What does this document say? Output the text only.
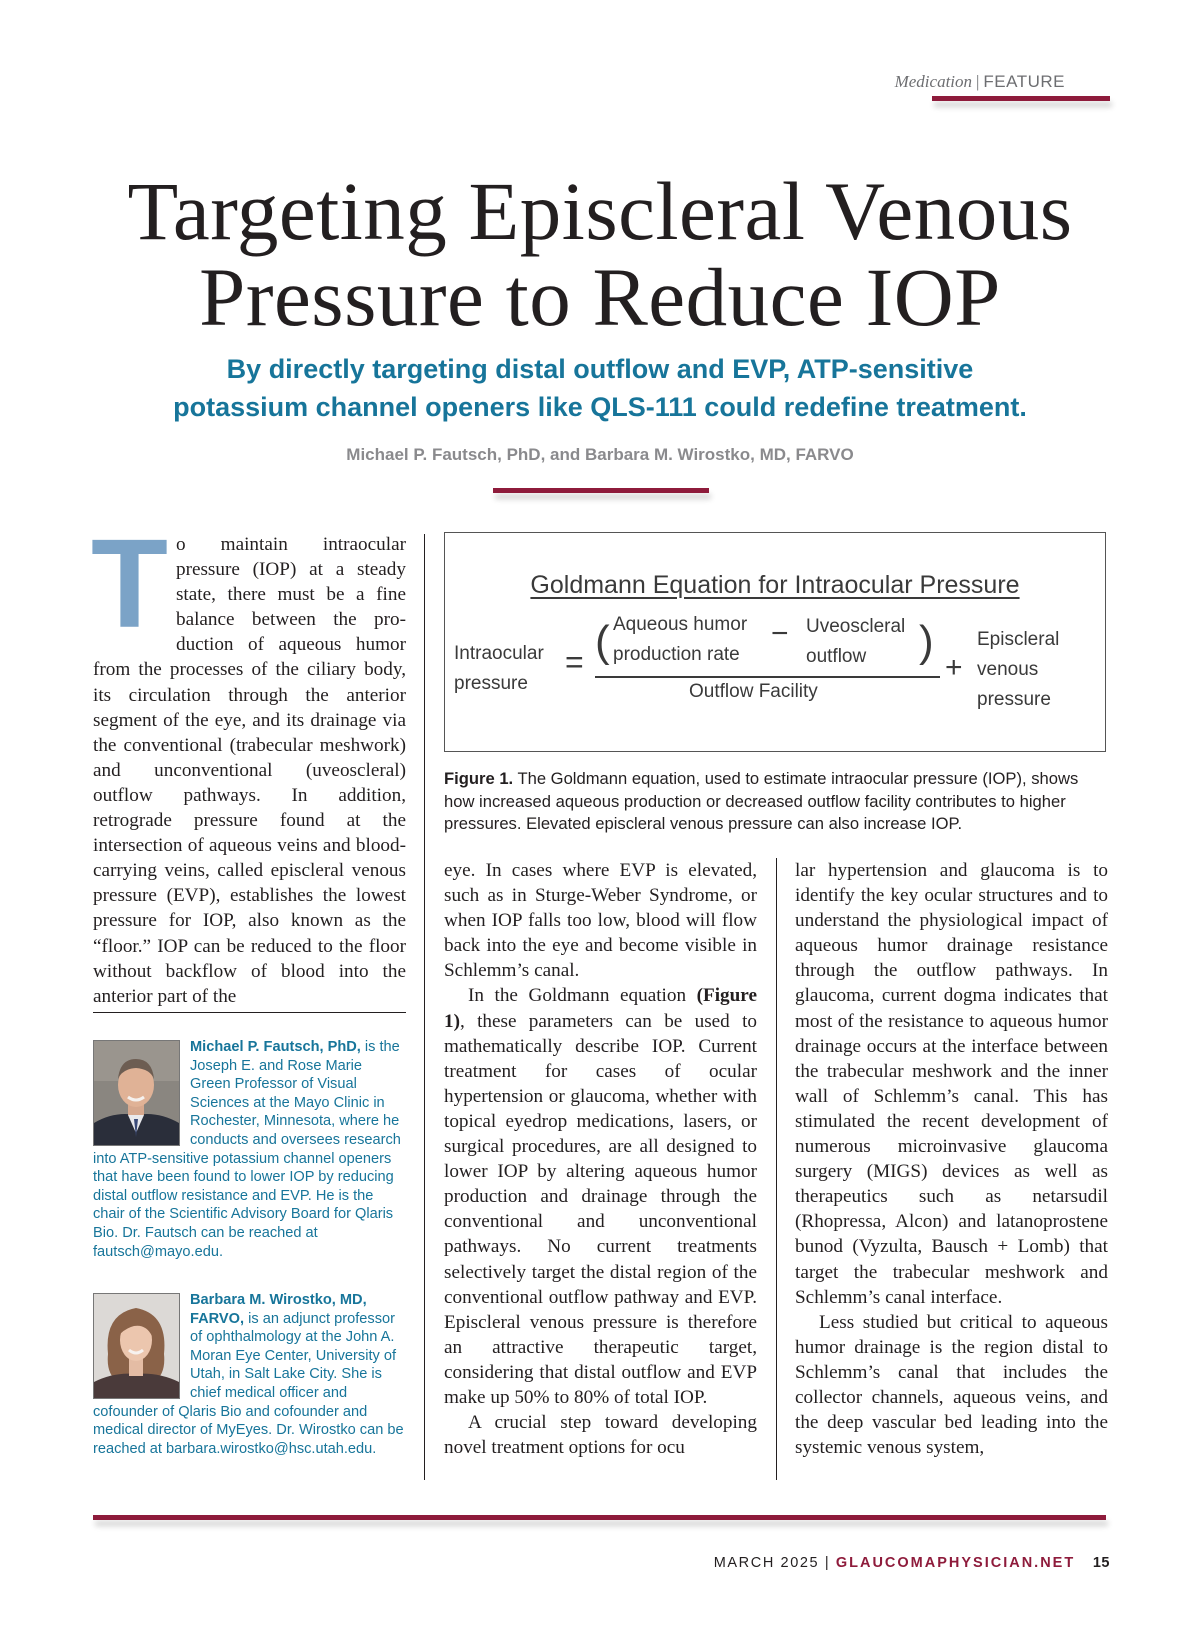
Medication | FEATURE
Targeting Episcleral Venous
Pressure to Reduce IOP
By directly targeting distal outflow and EVP, ATP-sensitive
potassium channel openers like QLS-111 could redefine treatment.
Michael P. Fautsch, PhD, and Barbara M. Wirostko, MD, FARVO

To maintain intraocular pressure (IOP) at a steady state, there must be a fine balance between the production of aqueous humor from the processes of the ciliary body, its circulation through the anterior segment of the eye, and its drainage via the conventional (trabecular meshwork) and unconventional (uveoscleral) outflow pathways. In addition, retrograde pressure found at the intersection of aqueous veins and blood-carrying veins, called episcleral venous pressure (EVP), establishes the lowest pressure for IOP, also known as the “floor.” IOP can be reduced to the floor without backflow of blood into the anterior part of the

Michael P. Fautsch, PhD, is the Joseph E. and Rose Marie Green Professor of Visual Sciences at the Mayo Clinic in Rochester, Minnesota, where he conducts and oversees research into ATP-sensitive potassium channel openers that have been found to lower IOP by reducing distal outflow resistance and EVP. He is the chair of the Scientific Advisory Board for Qlaris Bio. Dr. Fautsch can be reached at fautsch@mayo.edu.
Barbara M. Wirostko, MD, FARVO, is an adjunct professor of ophthalmology at the John A. Moran Eye Center, University of Utah, in Salt Lake City. She is chief medical officer and cofounder of Qlaris Bio and cofounder and medical director of MyEyes. Dr. Wirostko can be reached at barbara.wirostko@hsc.utah.edu.
Goldmann Equation for Intraocular Pressure
Intraocular
pressure
= ( Aqueous humor
production rate
− Uveoscleral
outflow )
Outflow Facility
+
Episcleral
venous
pressure
Figure 1. The Goldmann equation, used to estimate intraocular pressure (IOP), shows how increased aqueous production or decreased outflow facility contributes to higher pressures. Elevated episcleral venous pressure can also increase IOP.

eye. In cases where EVP is elevated, such as in Sturge-Weber Syndrome, or when IOP falls too low, blood will flow back into the eye and become visible in Schlemm’s canal.

In the Goldmann equation (Figure 1), these parameters can be used to mathematically describe IOP. Current treatment for cases of ocular hypertension or glaucoma, whether with topical eyedrop medications, lasers, or surgical procedures, are all designed to lower IOP by altering aqueous humor production and drainage through the conventional and unconventional pathways. No current treatments selectively target the distal region of the conventional outflow pathway and EVP. Episcleral venous pressure is therefore an attractive therapeutic target, considering that distal outflow and EVP make up 50% to 80% of total IOP.

A crucial step toward developing novel treatment options for ocu

lar hypertension and glaucoma is to identify the key ocular structures and to understand the physiological impact of aqueous humor drainage resistance through the outflow pathways. In glaucoma, current dogma indicates that most of the resistance to aqueous humor drainage occurs at the interface between the trabecular meshwork and the inner wall of Schlemm’s canal. This has stimulated the recent development of numerous microinvasive glaucoma surgery (MIGS) devices as well as therapeutics such as netarsudil (Rhopressa, Alcon) and latanoprostene bunod (Vyzulta, Bausch + Lomb) that target the trabecular meshwork and Schlemm’s canal interface.

Less studied but critical to aqueous humor drainage is the region distal to Schlemm’s canal that includes the collector channels, aqueous veins, and the deep vascular bed leading into the systemic venous system,

MARCH 2025 | GLAUCOMAPHYSICIAN.NET 15
